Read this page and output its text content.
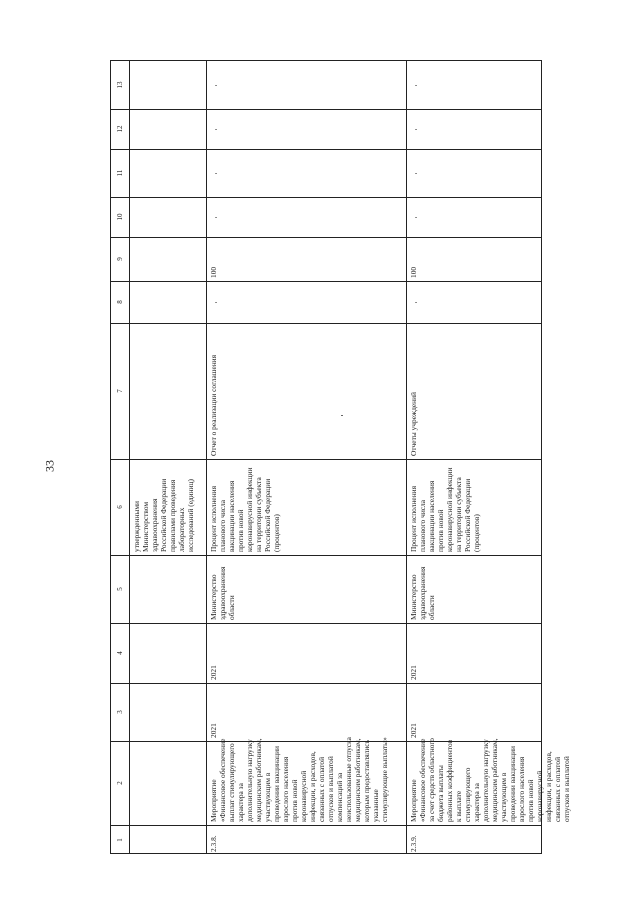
33
1
2
3
4
5
6
7
8
9
10
11
12
13
утвержденными
Министерством
здравоохранения
Российской Федерации
правилами проведения
лабораторных
исследований (единиц)
2.3.8.
Мероприятие
«Финансовое обеспечение
выплат стимулирующего
характера за
дополнительную нагрузку
медицинским работникам,
участвующим в
проведении вакцинации
взрослого населения
против новой
коронавирусной
инфекции, и расходов,
связанных с оплатой
отпусков и выплатой
компенсаций за
неиспользованные отпуска
медицинским работникам,
которым предоставлялись
указанные
стимулирующие выплаты»
2021
2021
Министерство
здравоохранения
области
Процент исполнения
планового числа
вакцинации населения
против новой
коронавирусной инфекции
на территории субъекта
Российской Федерации
(процентов)
Отчет о реализации соглашения
-
100
-
-
-
-
2.3.9.
Мероприятие
«Финансовое обеспечение
за счет средств областного
бюджета выплаты
районных коэффициентов
к выплате
стимулирующего
характера за
дополнительную нагрузку
медицинским работникам,
участвующим в
проведении вакцинации
взрослого населения
против новой
коронавирусной
инфекции, и расходов,
связанных с оплатой
отпусков и выплатой
2021
2021
Министерство
здравоохранения
области
Процент исполнения
планового числа
вакцинации населения
против новой
коронавирусной инфекции
на территории субъекта
Российской Федерации
(процентов)
Отчеты учреждений
-
100
-
-
-
-
